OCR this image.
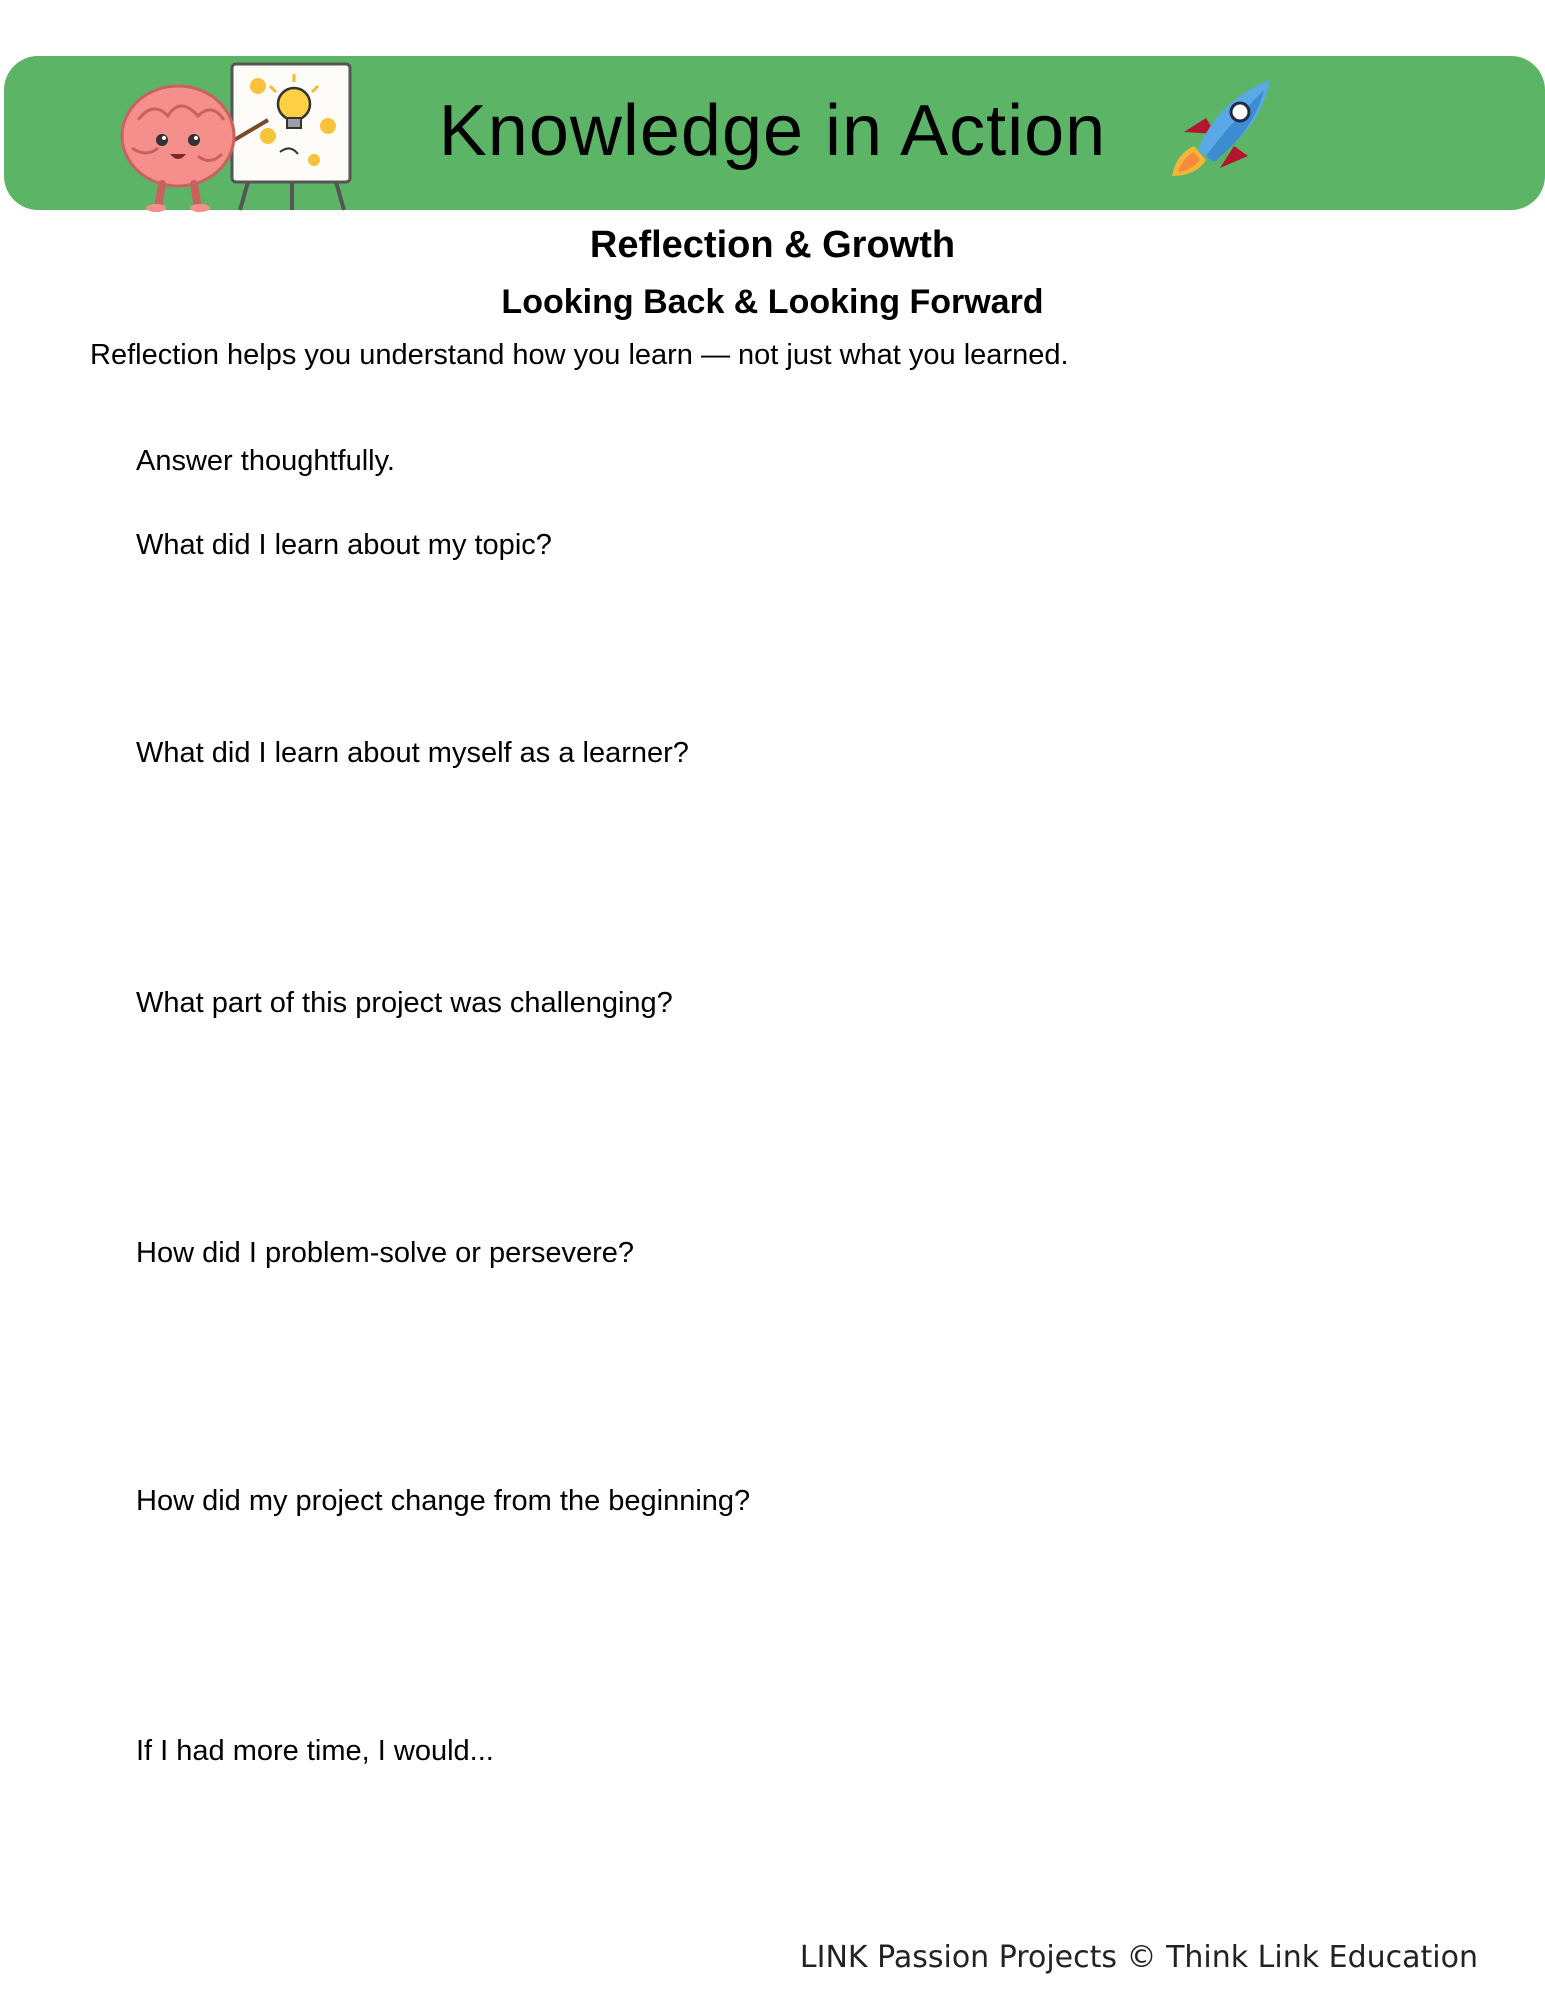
Knowledge in Action
Reflection & Growth
Looking Back & Looking Forward
Reflection helps you understand how you learn — not just what you learned.
Answer thoughtfully.
What did I learn about my topic?
What did I learn about myself as a learner?
What part of this project was challenging?
How did I problem-solve or persevere?
How did my project change from the beginning?
If I had more time, I would...
LINK Passion Projects © Think Link Education
